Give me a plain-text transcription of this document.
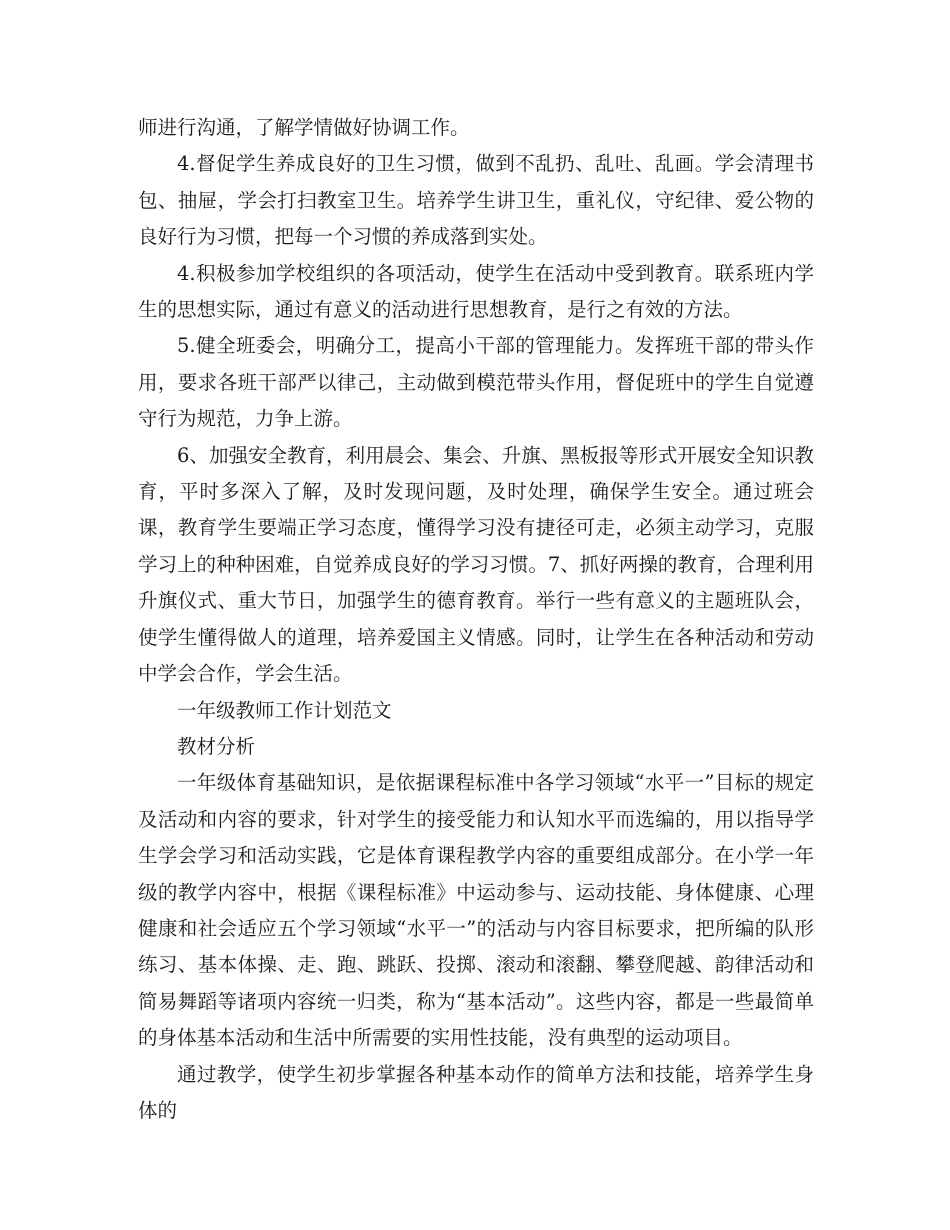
师进行沟通，了解学情做好协调工作。

4.督促学生养成良好的卫生习惯，做到不乱扔、乱吐、乱画。学会清理书包、抽屉，学会打扫教室卫生。培养学生讲卫生，重礼仪，守纪律、爱公物的良好行为习惯，把每一个习惯的养成落到实处。

4.积极参加学校组织的各项活动，使学生在活动中受到教育。联系班内学生的思想实际，通过有意义的活动进行思想教育，是行之有效的方法。

5.健全班委会，明确分工，提高小干部的管理能力。发挥班干部的带头作用，要求各班干部严以律己，主动做到模范带头作用，督促班中的学生自觉遵守行为规范，力争上游。

6、加强安全教育，利用晨会、集会、升旗、黑板报等形式开展安全知识教育，平时多深入了解，及时发现问题，及时处理，确保学生安全。通过班会课，教育学生要端正学习态度，懂得学习没有捷径可走，必须主动学习，克服学习上的种种困难，自觉养成良好的学习习惯。7、抓好两操的教育，合理利用升旗仪式、重大节日，加强学生的德育教育。举行一些有意义的主题班队会，使学生懂得做人的道理，培养爱国主义情感。同时，让学生在各种活动和劳动中学会合作，学会生活。

一年级教师工作计划范文

教材分析

一年级体育基础知识，是依据课程标准中各学习领域“水平一”目标的规定及活动和内容的要求，针对学生的接受能力和认知水平而选编的，用以指导学生学会学习和活动实践，它是体育课程教学内容的重要组成部分。在小学一年级的教学内容中，根据《课程标准》中运动参与、运动技能、身体健康、心理健康和社会适应五个学习领域“水平一”的活动与内容目标要求，把所编的队形练习、基本体操、走、跑、跳跃、投掷、滚动和滚翻、攀登爬越、韵律活动和简易舞蹈等诸项内容统一归类，称为“基本活动”。这些内容，都是一些最简单的身体基本活动和生活中所需要的实用性技能，没有典型的运动项目。

通过教学，使学生初步掌握各种基本动作的简单方法和技能，培养学生身体的
